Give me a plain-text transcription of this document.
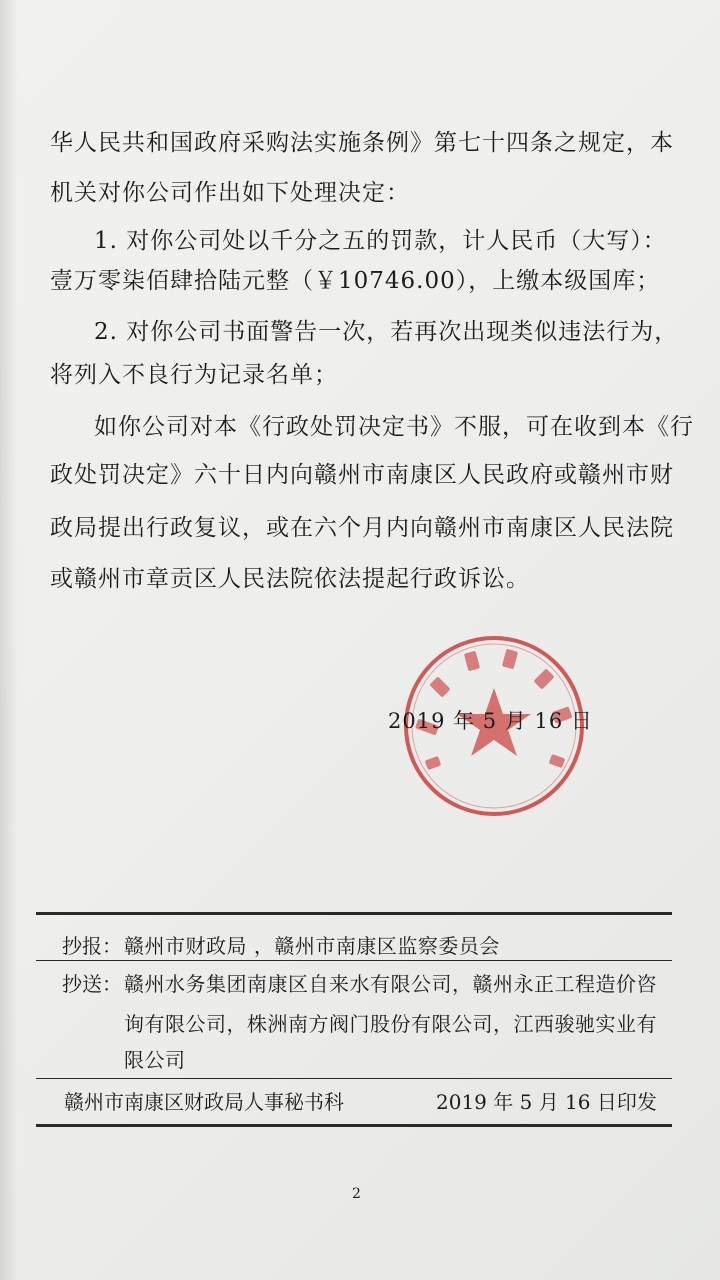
华人民共和国政府采购法实施条例》第七十四条之规定，本
机关对你公司作出如下处理决定：
1. 对你公司处以千分之五的罚款，计人民币（大写）：
壹万零柒佰肆拾陆元整（￥10746.00），上缴本级国库；
2. 对你公司书面警告一次，若再次出现类似违法行为，
将列入不良行为记录名单；
如你公司对本《行政处罚决定书》不服，可在收到本《行
政处罚决定》六十日内向赣州市南康区人民政府或赣州市财
政局提出行政复议，或在六个月内向赣州市南康区人民法院
或赣州市章贡区人民法院依法提起行政诉讼。
2019 年 5 月 16 日
抄报： 赣州市财政局 ，赣州市南康区监察委员会
抄送： 赣州水务集团南康区自来水有限公司，赣州永正工程造价咨
询有限公司，株洲南方阀门股份有限公司，江西骏驰实业有
限公司
赣州市南康区财政局人事秘书科	2019 年 5 月 16 日印发
2
